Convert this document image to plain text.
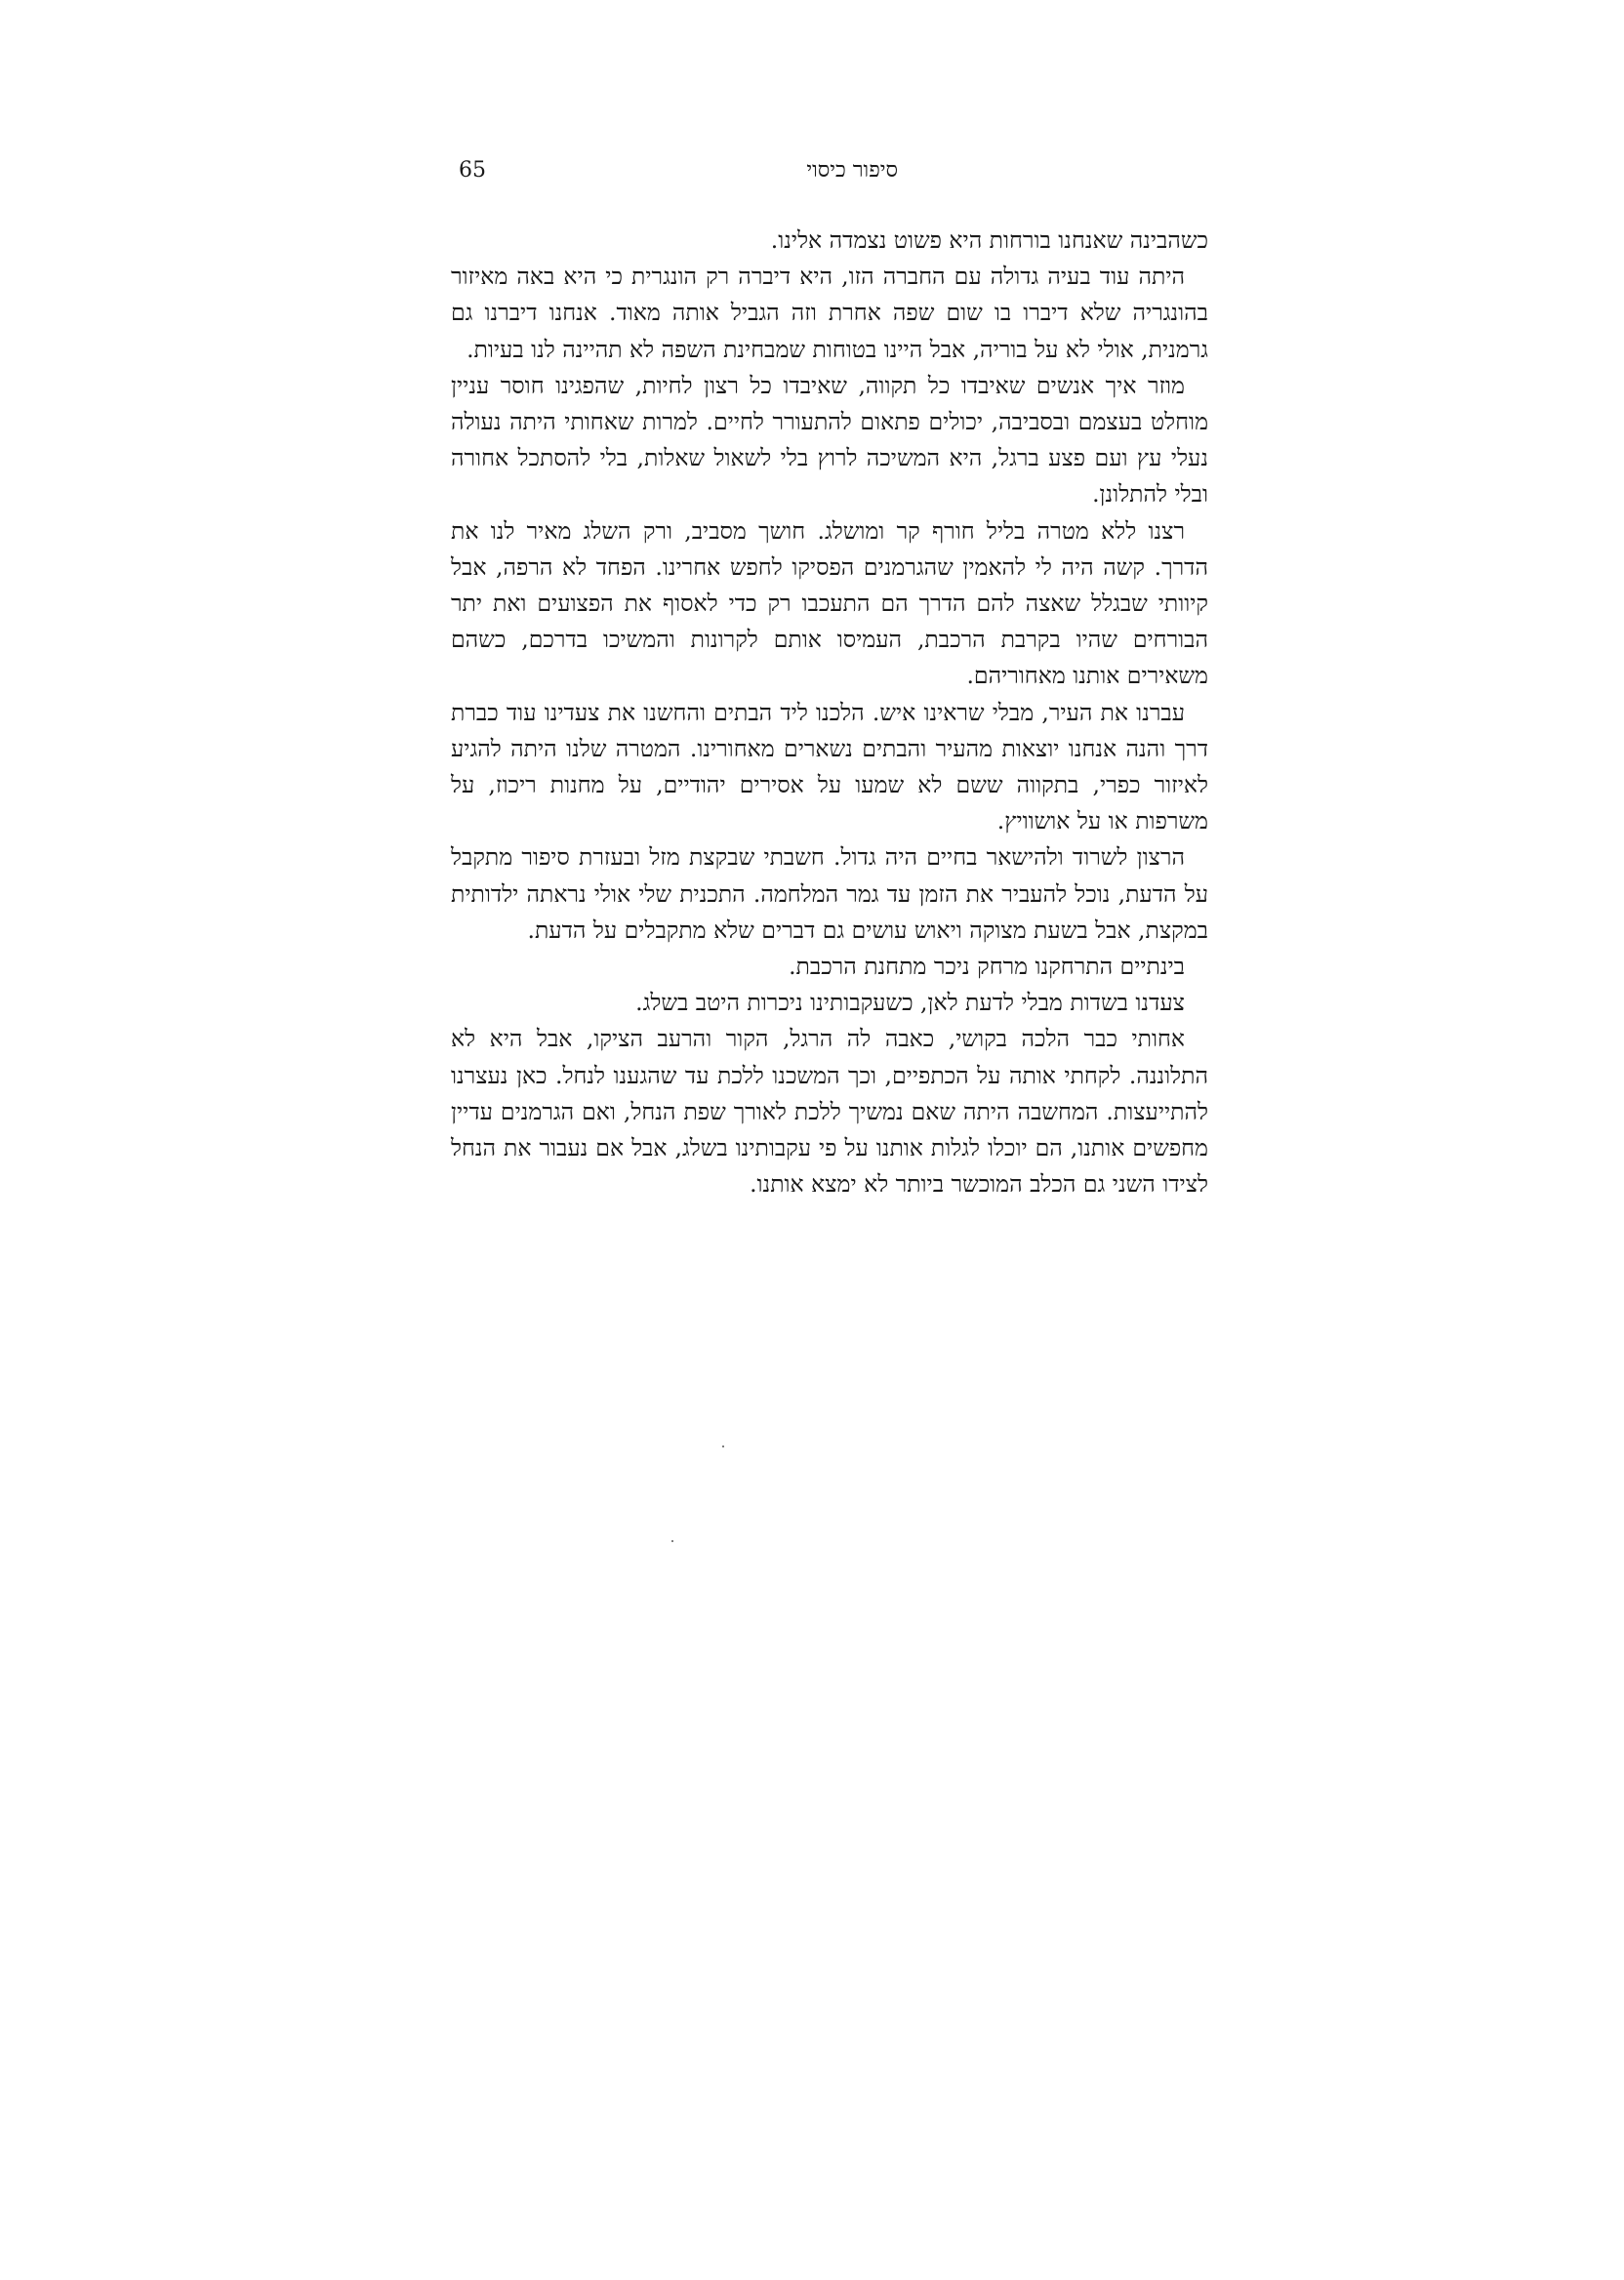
65	סיפור כיסוי

כשהבינה שאנחנו בורחות היא פשוט נצמדה אלינו.

היתה עוד בעיה גדולה עם החברה הזו, היא דיברה רק הונגרית כי היא באה מאיזור בהונגריה שלא דיברו בו שום שפה אחרת וזה הגביל אותה מאוד. אנחנו דיברנו גם גרמנית, אולי לא על בוריה, אבל היינו בטוחות שמבחינת השפה לא תהיינה לנו בעיות.

מוזר איך אנשים שאיבדו כל תקווה, שאיבדו כל רצון לחיות, שהפגינו חוסר עניין מוחלט בעצמם ובסביבה, יכולים פתאום להתעורר לחיים. למרות שאחותי היתה נעולה נעלי עץ ועם פצע ברגל, היא המשיכה לרוץ בלי לשאול שאלות, בלי להסתכל אחורה ובלי להתלונן.

רצנו ללא מטרה בליל חורף קר ומושלג. חושך מסביב, ורק השלג מאיר לנו את הדרך. קשה היה לי להאמין שהגרמנים הפסיקו לחפש אחרינו. הפחד לא הרפה, אבל קיוותי שבגלל שאצה להם הדרך הם התעכבו רק כדי לאסוף את הפצועים ואת יתר הבורחים שהיו בקרבת הרכבת, העמיסו אותם לקרונות והמשיכו בדרכם, כשהם משאירים אותנו מאחוריהם.

עברנו את העיר, מבלי שראינו איש. הלכנו ליד הבתים והחשנו את צעדינו עוד כברת דרך והנה אנחנו יוצאות מהעיר והבתים נשארים מאחורינו. המטרה שלנו היתה להגיע לאיזור כפרי, בתקווה ששם לא שמעו על אסירים יהודיים, על מחנות ריכוז, על משרפות או על אושוויץ.

הרצון לשרוד ולהישאר בחיים היה גדול. חשבתי שבקצת מזל ובעזרת סיפור מתקבל על הדעת, נוכל להעביר את הזמן עד גמר המלחמה. התכנית שלי אולי נראתה ילדותית במקצת, אבל בשעת מצוקה ויאוש עושים גם דברים שלא מתקבלים על הדעת.

בינתיים התרחקנו מרחק ניכר מתחנת הרכבת.

צעדנו בשדות מבלי לדעת לאן, כשעקבותינו ניכרות היטב בשלג.

אחותי כבר הלכה בקושי, כאבה לה הרגל, הקור והרעב הציקו, אבל היא לא התלוננה. לקחתי אותה על הכתפיים, וכך המשכנו ללכת עד שהגענו לנחל. כאן נעצרנו להתייעצות. המחשבה היתה שאם נמשיך ללכת לאורך שפת הנחל, ואם הגרמנים עדיין מחפשים אותנו, הם יוכלו לגלות אותנו על פי עקבותינו בשלג, אבל אם נעבור את הנחל לצידו השני גם הכלב המוכשר ביותר לא ימצא אותנו.
